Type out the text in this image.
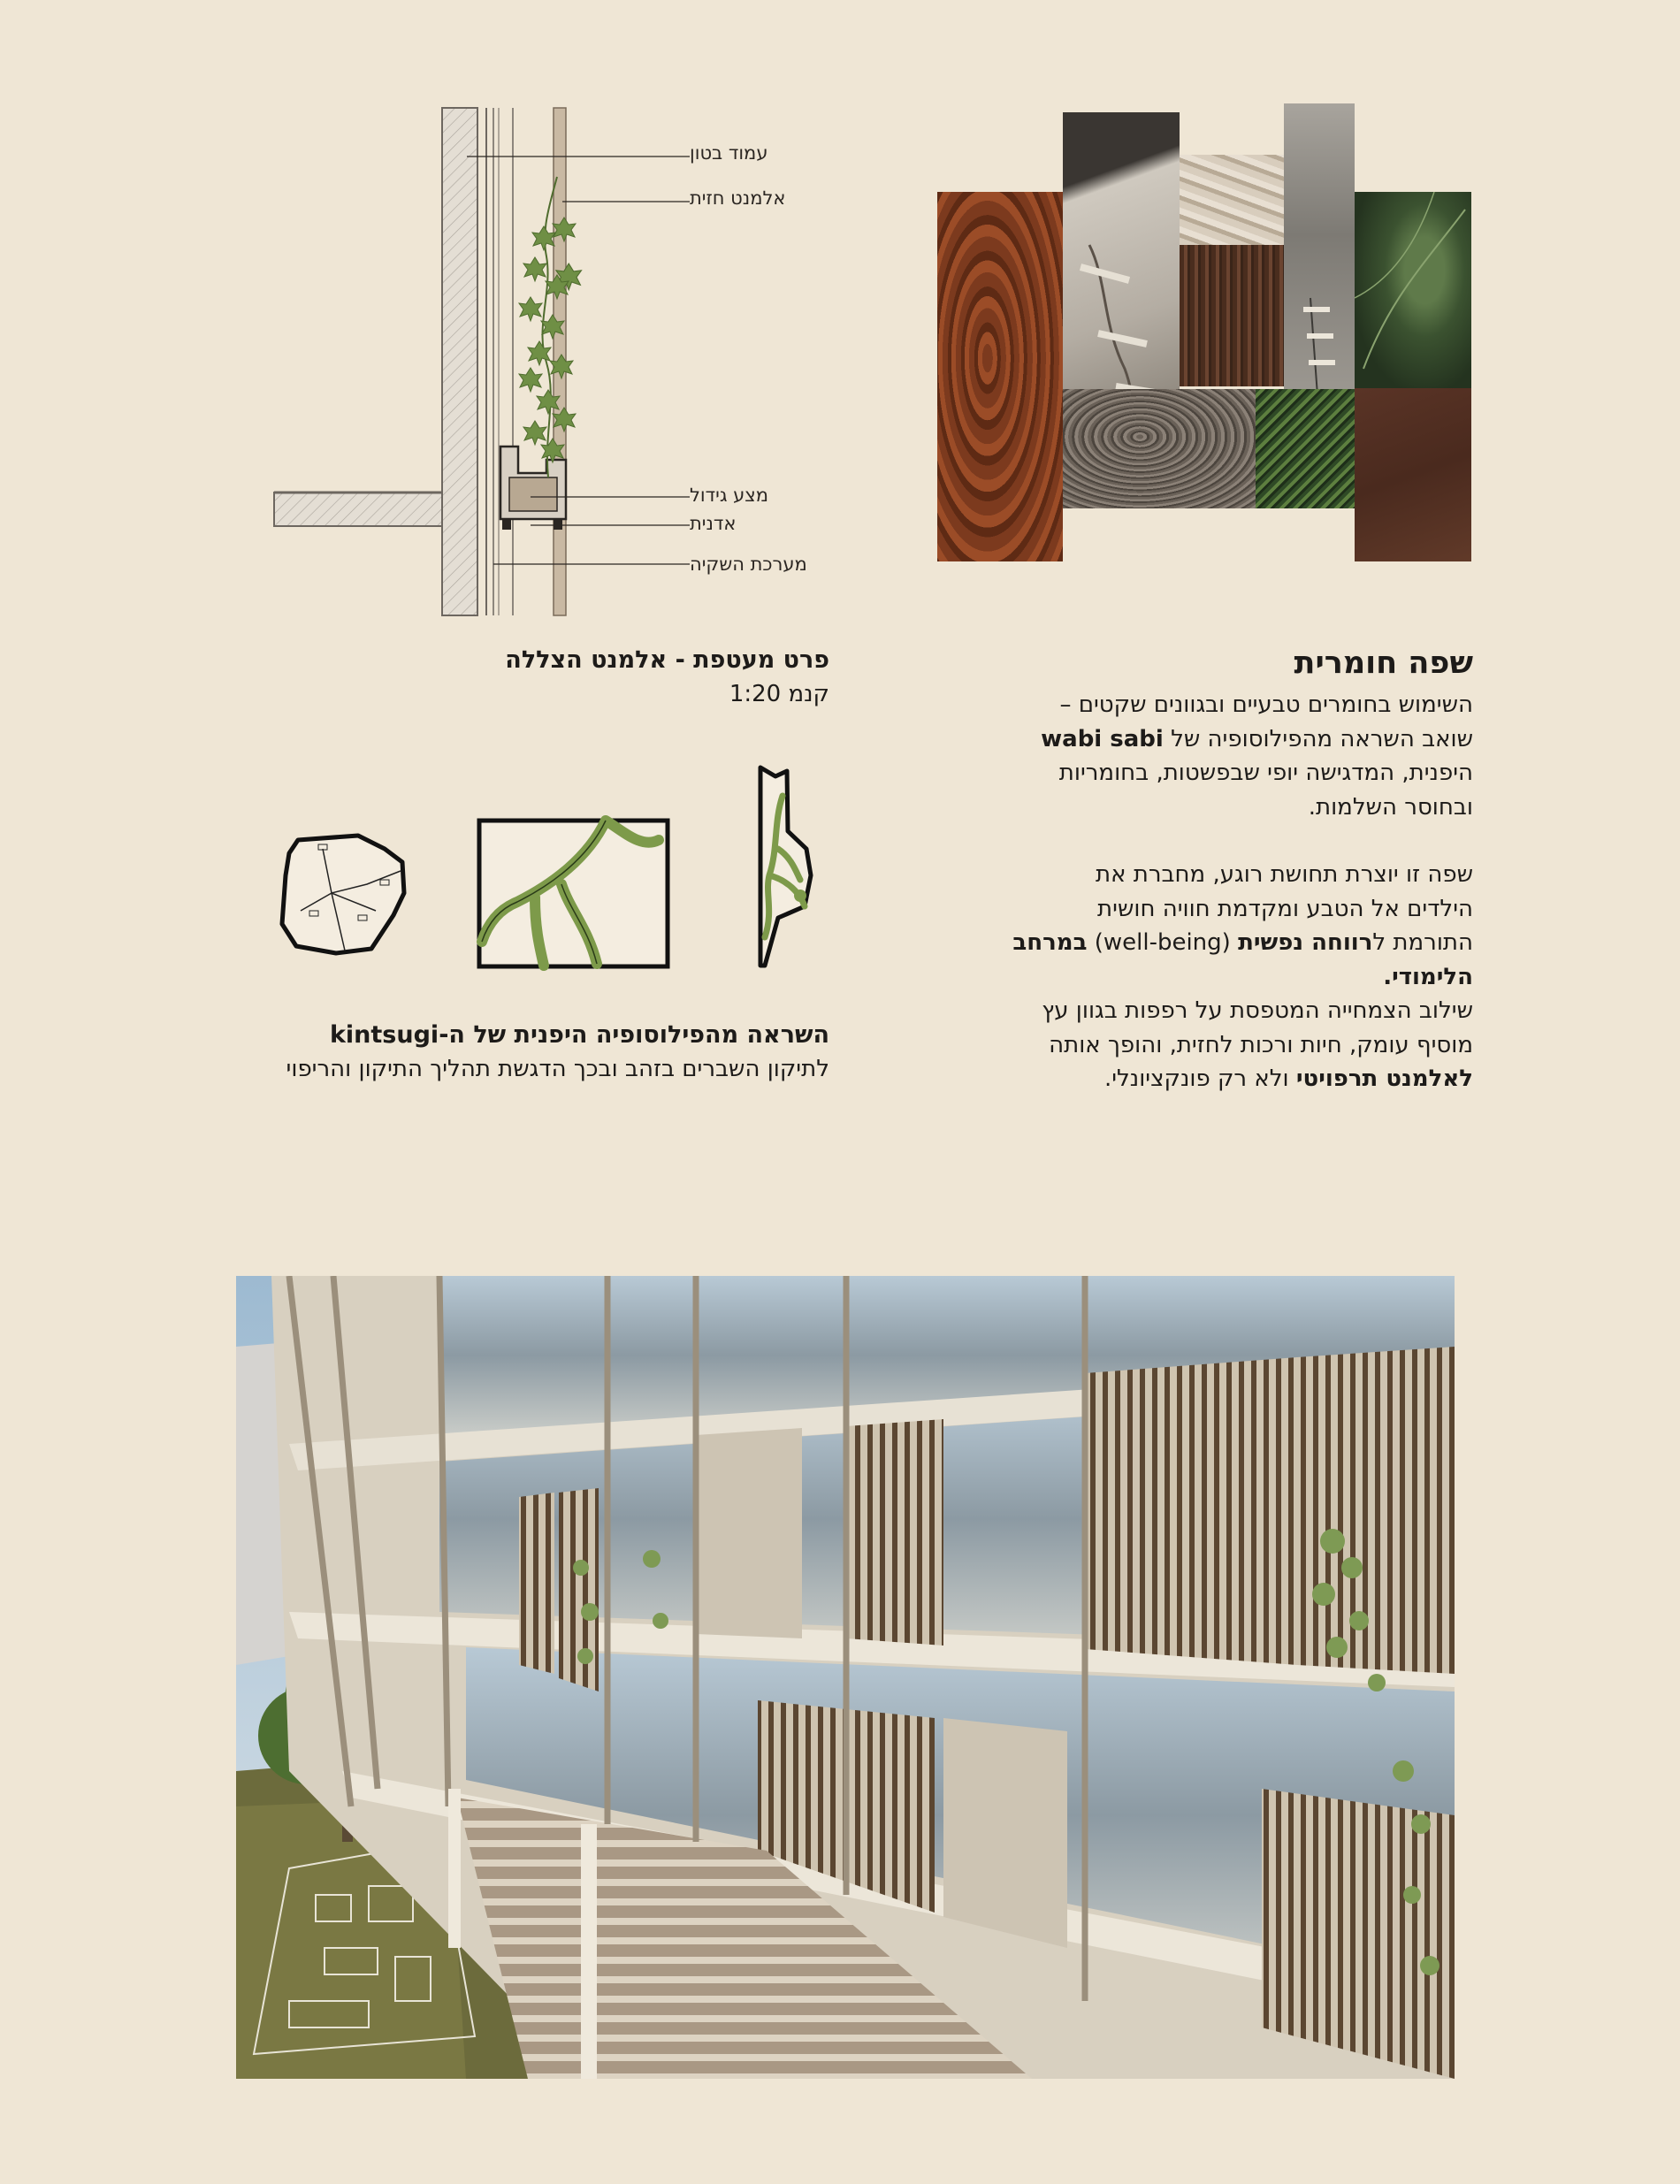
עמוד בטון
אלמנט חזית
מצע גידול
אדנית
מערכת השקיה
פרט מעטפת - אלמנט הצללה
קנמ 1:20
שפה חומרית
השימוש בחומרים טבעיים ובגוונים שקטים –
שואב השראה מהפילוסופיה של wabi sabi
היפנית, המדגישה יופי שבפשטות, בחומריות
ובחוסר השלמות.
שפה זו יוצרת תחושת רוגע, מחברת את
הילדים אל הטבע ומקדמת חוויה חושית
התורמת לרווחה נפשית (well-being) במרחב
הלימודי.
שילוב הצמחייה המטפסת על רפפות בגוון עץ
מוסיף עומק, חיות ורכות לחזית, והופך אותה
לאלמנט תרפויטי ולא רק פונקציונלי.
השראה מהפילוסופיה היפנית של ה-kintsugi
לתיקון השברים בזהב ובכך הדגשת תהליך התיקון והריפוי
